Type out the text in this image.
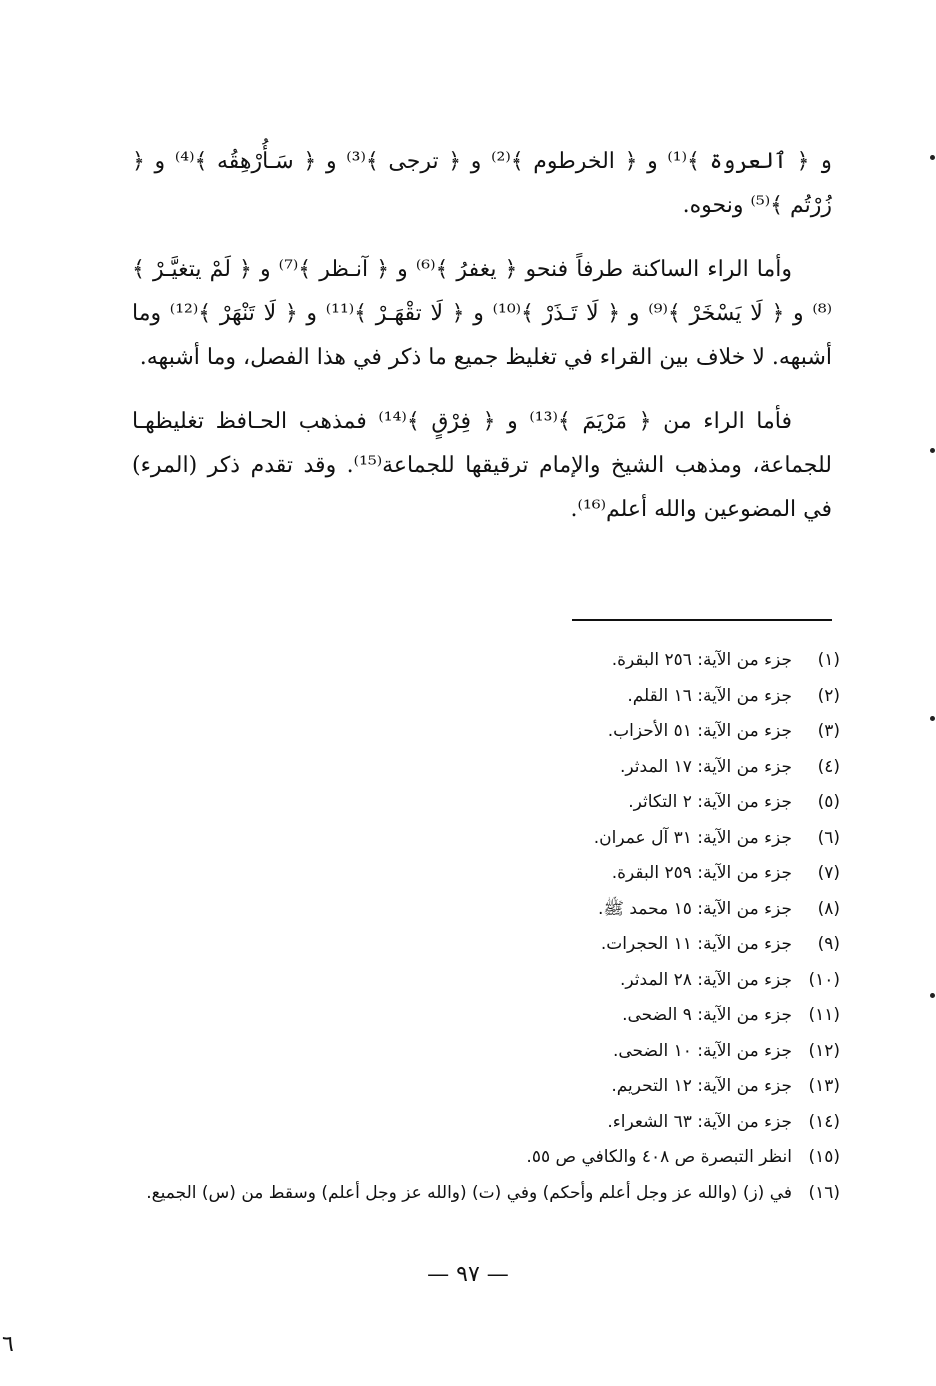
و ﴿ ٱلعروة ﴾⁽¹⁾ و ﴿ الخرطوم ﴾⁽²⁾ و ﴿ ترجى ﴾⁽³⁾ و ﴿ سَـأُرْهِقُه ﴾⁽⁴⁾ و ﴿ زُرْتُم ﴾⁽⁵⁾ ونحوه.

وأما الراء الساكنة طرفاً فنحو ﴿ يغفرُ ﴾⁽⁶⁾ و ﴿ آنـظر ﴾⁽⁷⁾ و ﴿ لَمْ يتغيَّـرْ ﴾⁽⁸⁾ و ﴿ لَا يَسْخَرْ ﴾⁽⁹⁾ و ﴿ لَا تَـذَرْ ﴾⁽¹⁰⁾ و ﴿ لَا تقْهَـرْ ﴾⁽¹¹⁾ و ﴿ لَا تَنْهَرْ ﴾⁽¹²⁾ وما أشبهه. لا خلاف بين القراء في تغليظ جميع ما ذكر في هذا الفصل، وما أشبهه.

فأما الراء من ﴿ مَرْيَمَ ﴾⁽¹³⁾ و ﴿ فِرْقٍ ﴾⁽¹⁴⁾ فمذهب الحـافظ تغليظهـا للجماعة، ومذهب الشيخ والإمام ترقيقها للجماعة⁽¹⁵⁾. وقد تقدم ذكر (المرء) في المضوعين والله أعلم⁽¹⁶⁾.

(١)
جزء من الآية: ٢٥٦ البقرة.
(٢)
جزء من الآية: ١٦ القلم.
(٣)
جزء من الآية: ٥١ الأحزاب.
(٤)
جزء من الآية: ١٧ المدثر.
(٥)
جزء من الآية: ٢ التكاثر.
(٦)
جزء من الآية: ٣١ آل عمران.
(٧)
جزء من الآية: ٢٥٩ البقرة.
(٨)
جزء من الآية: ١٥ محمد ﷺ.
(٩)
جزء من الآية: ١١ الحجرات.
(١٠)
جزء من الآية: ٢٨ المدثر.
(١١)
جزء من الآية: ٩ الضحى.
(١٢)
جزء من الآية: ١٠ الضحى.
(١٣)
جزء من الآية: ١٢ التحريم.
(١٤)
جزء من الآية: ٦٣ الشعراء.
(١٥)
انظر التبصرة ص ٤٠٨ والكافي ص ٥٥.
(١٦)
في (ز) (والله عز وجل أعلم وأحكم) وفي (ت) (والله عز وجل أعلم) وسقط من (س) الجميع.
— ٩٧ —
٦
